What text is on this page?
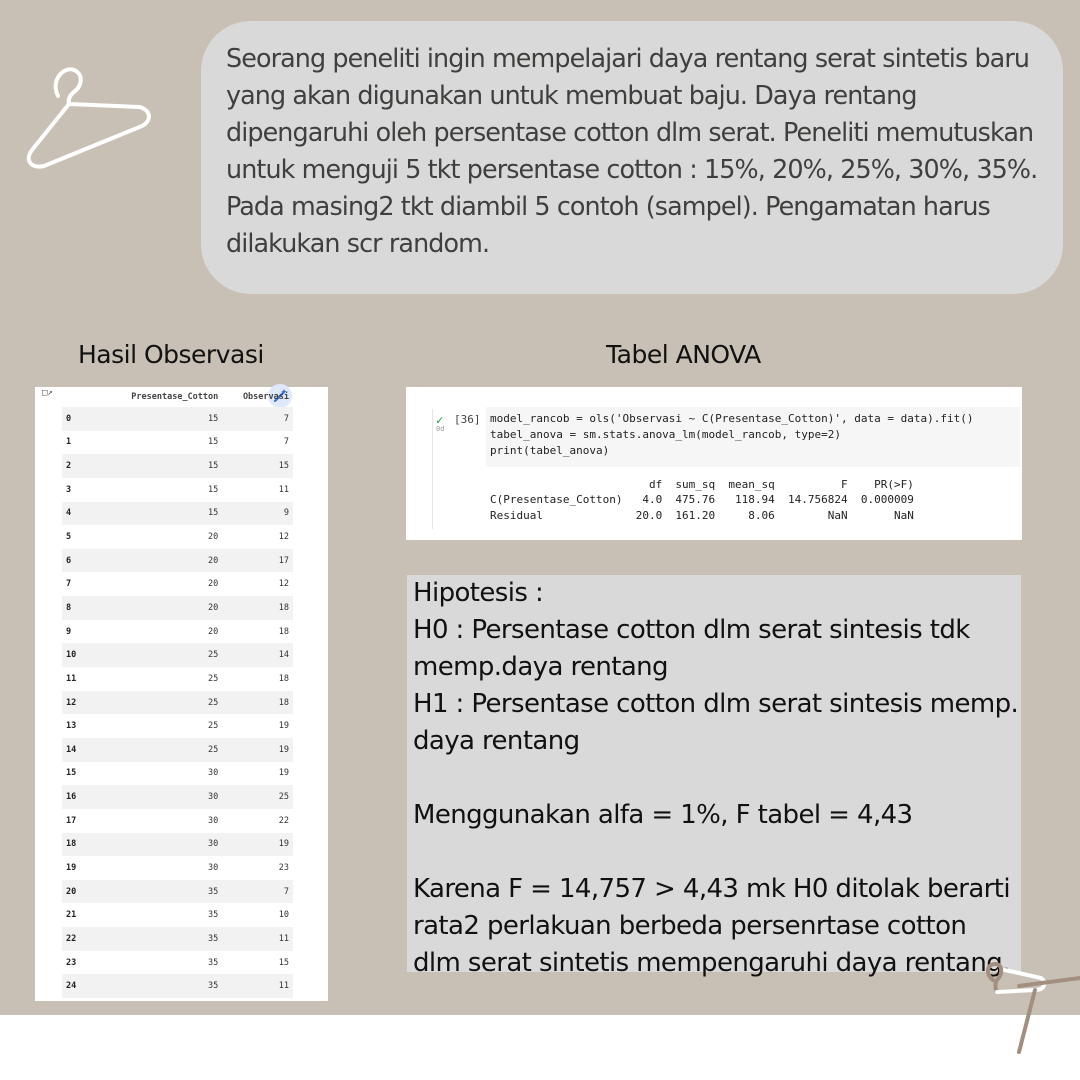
Seorang peneliti ingin mempelajari daya rentang serat sintetis baru yang akan digunakan untuk membuat baju. Daya rentang dipengaruhi oleh persentase cotton dlm serat. Peneliti memutuskan untuk menguji 5 tkt persentase cotton : 15%, 20%, 25%, 30%, 35%. Pada masing2 tkt diambil 5 contoh (sampel). Pengamatan harus dilakukan scr random.
Hasil Observasi	Tabel ANOVA
□↗
		Presentase_Cotton	Observasi
0	15	7
1	15	7
2	15	15
3	15	11
4	15	9
5	20	12
6	20	17
7	20	12
8	20	18
9	20	18
10	25	14
11	25	18
12	25	18
13	25	19
14	25	19
15	30	19
16	30	25
17	30	22
18	30	19
19	30	23
20	35	7
21	35	10
22	35	11
23	35	15
24	35	11
✓
0d
[36] model_rancob = ols('Observasi ~ C(Presentase_Cotton)', data = data).fit()
tabel_anova = sm.stats.anova_lm(model_rancob, type=2)
print(tabel_anova)
df  sum_sq  mean_sq          F    PR(>F)
C(Presentase_Cotton)   4.0  475.76   118.94  14.756824  0.000009
Residual              20.0  161.20     8.06        NaN       NaN
Hipotesis :
H0 : Persentase cotton dlm serat sintesis tdk memp.daya rentang
H1 : Persentase cotton dlm serat sintesis memp. daya rentang
Menggunakan alfa = 1%, F tabel = 4,43
Karena F = 14,757 > 4,43 mk H0 ditolak berarti rata2 perlakuan berbeda persenrtase cotton dlm serat sintetis mempengaruhi daya rentang.
